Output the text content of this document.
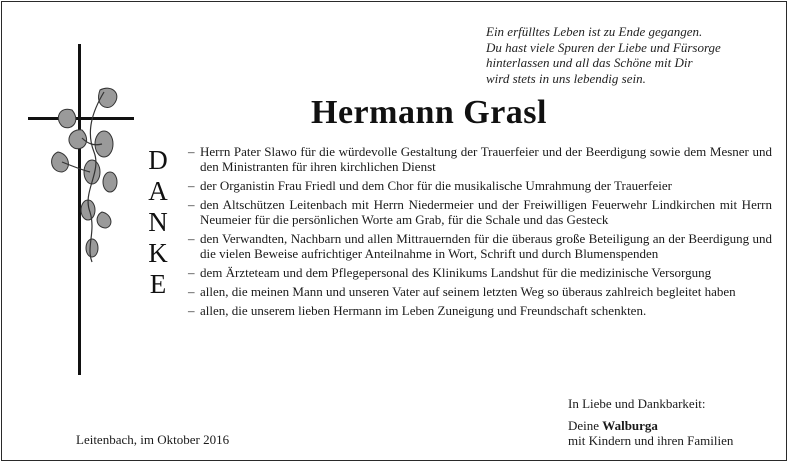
Ein erfülltes Leben ist zu Ende gegangen.
Du hast viele Spuren der Liebe und Fürsorge
hinterlassen und all das Schöne mit Dir
wird stets in uns lebendig sein.
Hermann Grasl
D
A
N
K
E
– Herrn Pater Slawo für die würdevolle Gestaltung der Trauerfeier und der Beerdigung sowie dem Mesner und den Ministranten für ihren kirchlichen Dienst
– der Organistin Frau Friedl und dem Chor für die musikalische Umrahmung der Trauerfeier
– den Altschützen Leitenbach mit Herrn Niedermeier und der Freiwilligen Feuerwehr Lindkirchen mit Herrn Neumeier für die persönlichen Worte am Grab, für die Schale und das Gesteck
– den Verwandten, Nachbarn und allen Mittrauernden für die überaus große Beteiligung an der Beerdigung und die vielen Beweise aufrichtiger Anteilnahme in Wort, Schrift und durch Blumenspenden
– dem Ärzteteam und dem Pflegepersonal des Klinikums Landshut für die medizinische Versorgung
– allen, die meinen Mann und unseren Vater auf seinem letzten Weg so überaus zahlreich begleitet haben
– allen, die unserem lieben Hermann im Leben Zuneigung und Freundschaft schenkten.
In Liebe und Dankbarkeit:
Deine Walburga
mit Kindern und ihren Familien
Leitenbach, im Oktober 2016
